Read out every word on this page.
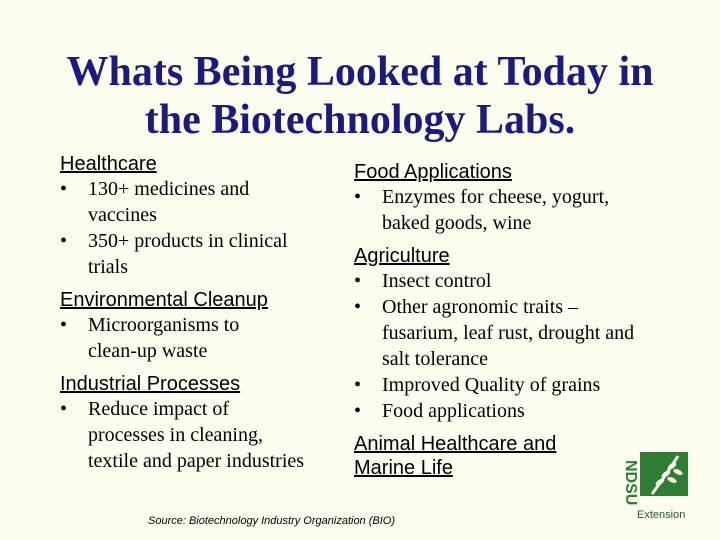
Whats Being Looked at Today in
the Biotechnology Labs.

Healthcare

•	130+ medicines and
vaccines
•	350+ products in clinical
trials

Environmental Cleanup

•	Microorganisms to
clean-up waste

Industrial Processes

•	Reduce impact of
processes in cleaning,
textile and paper industries

Food Applications

•	Enzymes for cheese, yogurt,
baked goods, wine

Agriculture

•	Insect control
•	Other agronomic traits –
fusarium, leaf rust, drought and
salt tolerance
•	Improved Quality of grains
•	Food applications

Animal Healthcare and
Marine Life

Source: Biotechnology Industry Organization (BIO)
NDSU
Extension
